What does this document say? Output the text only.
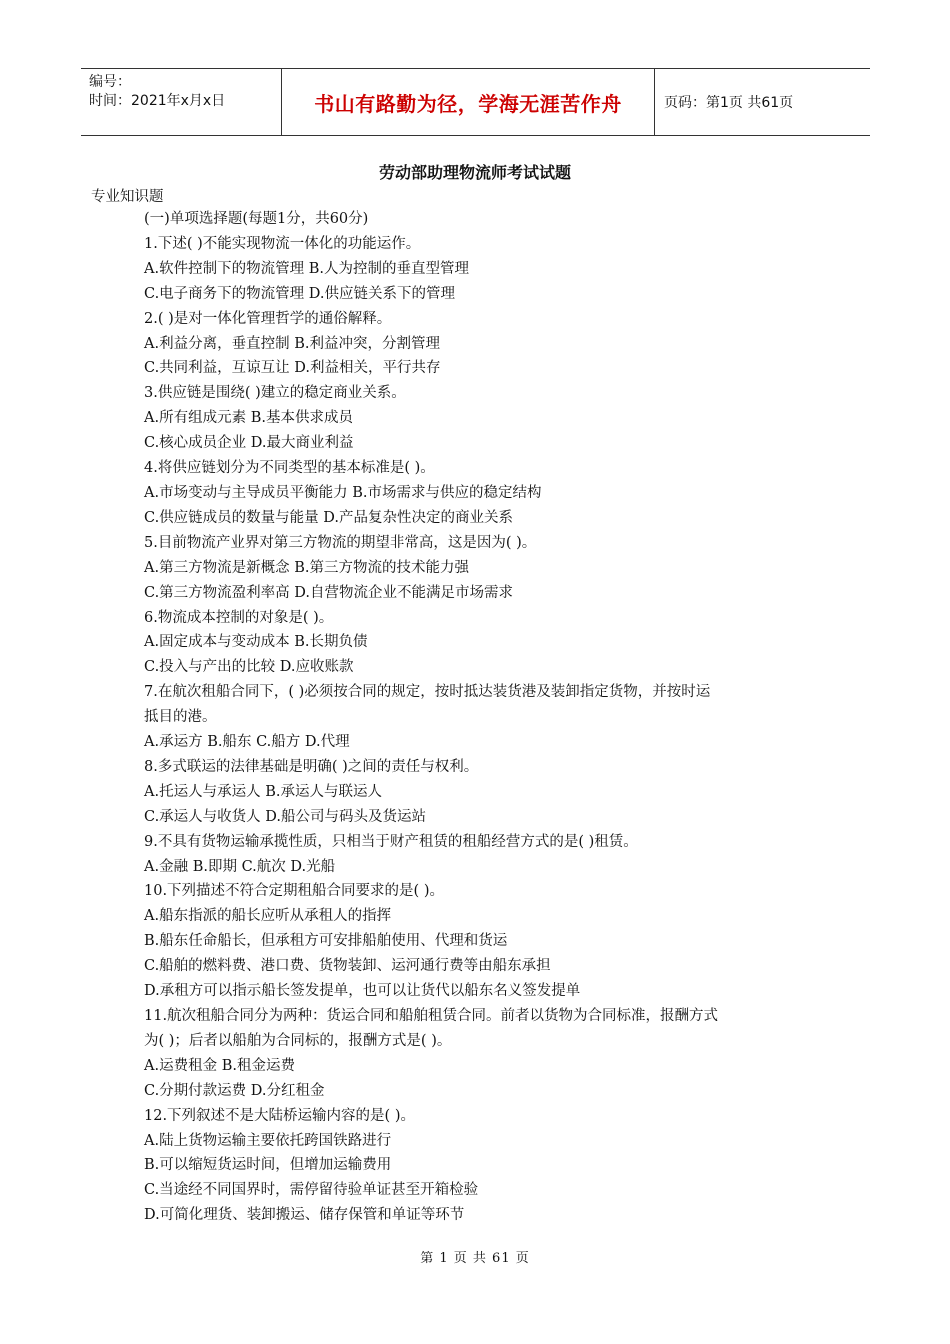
编号：
时间：2021年x月x日	书山有路勤为径，学海无涯苦作舟	页码：第1页 共61页
劳动部助理物流师考试试题
专业知识题
(一)单项选择题(每题1分，共60分)
1.下述( )不能实现物流一体化的功能运作。
A.软件控制下的物流管理 B.人为控制的垂直型管理
C.电子商务下的物流管理 D.供应链关系下的管理
2.( )是对一体化管理哲学的通俗解释。
A.利益分离，垂直控制 B.利益冲突，分割管理
C.共同利益，互谅互让 D.利益相关，平行共存
3.供应链是围绕( )建立的稳定商业关系。
A.所有组成元素 B.基本供求成员
C.核心成员企业 D.最大商业利益
4.将供应链划分为不同类型的基本标准是( )。
A.市场变动与主导成员平衡能力 B.市场需求与供应的稳定结构
C.供应链成员的数量与能量 D.产品复杂性决定的商业关系
5.目前物流产业界对第三方物流的期望非常高，这是因为( )。
A.第三方物流是新概念 B.第三方物流的技术能力强
C.第三方物流盈利率高 D.自营物流企业不能满足市场需求
6.物流成本控制的对象是( )。
A.固定成本与变动成本 B.长期负债
C.投入与产出的比较 D.应收账款
7.在航次租船合同下，( )必须按合同的规定，按时抵达装货港及装卸指定货物，并按时运
抵目的港。
A.承运方 B.船东 C.船方 D.代理
8.多式联运的法律基础是明确( )之间的责任与权利。
A.托运人与承运人 B.承运人与联运人
C.承运人与收货人 D.船公司与码头及货运站
9.不具有货物运输承揽性质，只相当于财产租赁的租船经营方式的是( )租赁。
A.金融 B.即期 C.航次 D.光船
10.下列描述不符合定期租船合同要求的是( )。
A.船东指派的船长应听从承租人的指挥
B.船东任命船长，但承租方可安排船舶使用、代理和货运
C.船舶的燃料费、港口费、货物装卸、运河通行费等由船东承担
D.承租方可以指示船长签发提单，也可以让货代以船东名义签发提单
11.航次租船合同分为两种：货运合同和船舶租赁合同。前者以货物为合同标准，报酬方式
为( )；后者以船舶为合同标的，报酬方式是( )。
A.运费租金 B.租金运费
C.分期付款运费 D.分红租金
12.下列叙述不是大陆桥运输内容的是( )。
A.陆上货物运输主要依托跨国铁路进行
B.可以缩短货运时间，但增加运输费用
C.当途经不同国界时，需停留待验单证甚至开箱检验
D.可简化理货、装卸搬运、储存保管和单证等环节
第 1 页 共 61 页
